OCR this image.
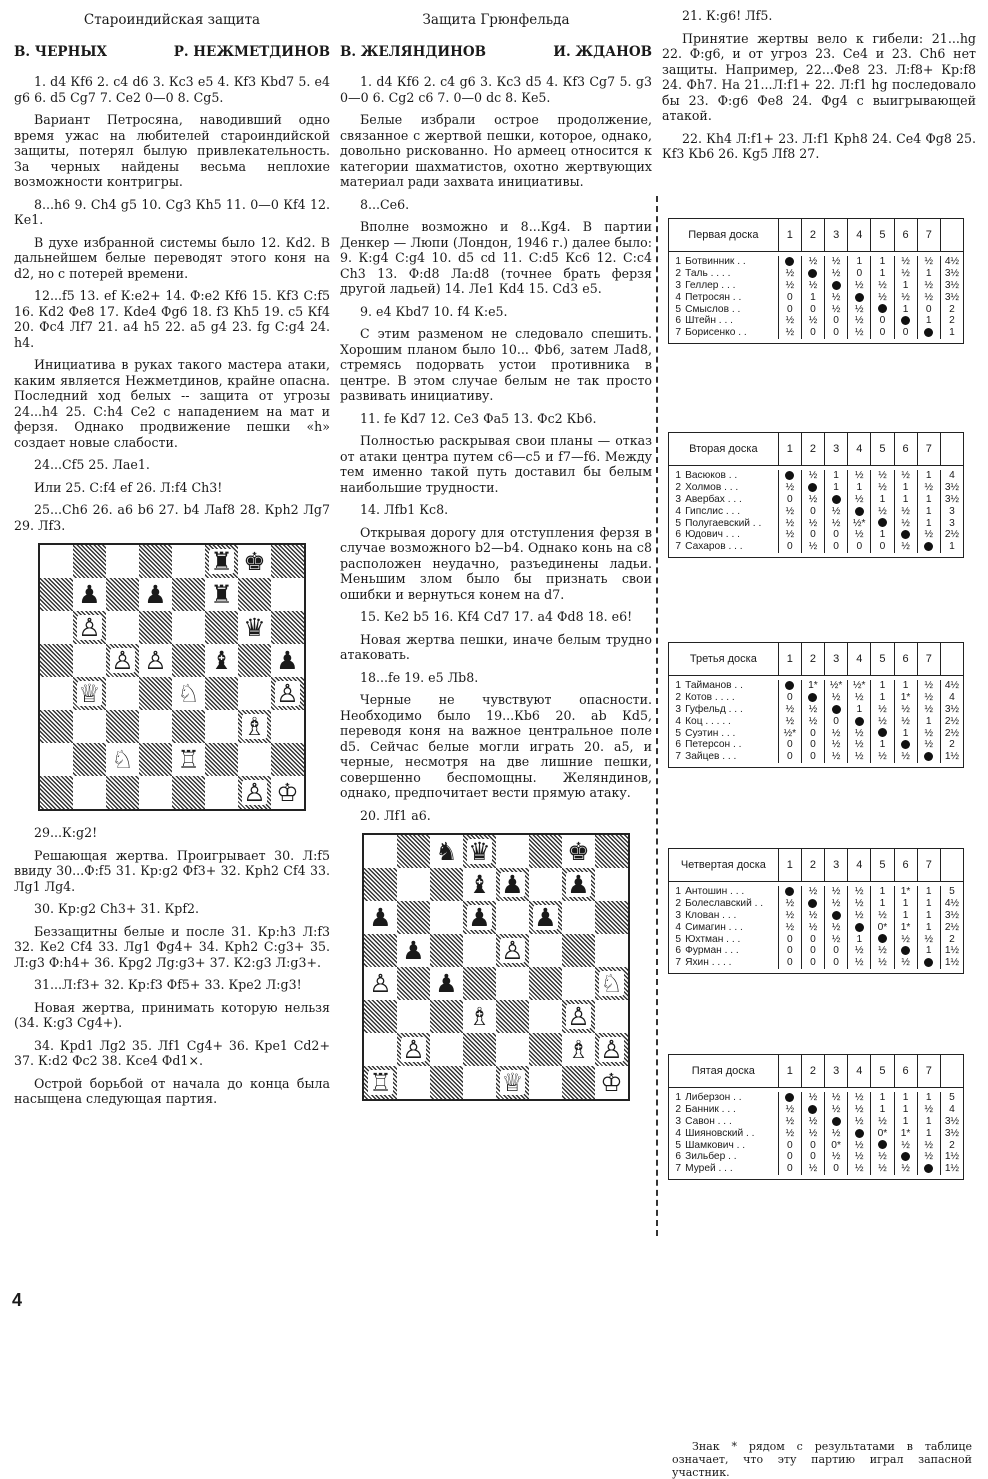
Староиндийская защита
В. ЧЕРНЫХ	Р. НЕЖМЕТДИНОВ

1. d4 Кf6 2. c4 d6 3. Кc3 e5 4. Кf3 Кbd7 5. e4 g6 6. d5 Сg7 7. Сe2 0—0 8. Сg5.

Вариант Петросяна, наводивший одно время ужас на любителей староиндийской защиты, потерял былую привлекательность. За черных найдены весьма неплохие возможности контригры.

8...h6 9. Сh4 g5 10. Сg3 Кh5 11. 0—0 Кf4 12. Кe1.

В духе избранной системы было 12. Кd2. В дальнейшем белые переводят этого коня на d2, но с потерей времени.

12...f5 13. ef К:e2+ 14. Ф:e2 Кf6 15. Кf3 С:f5 16. Кd2 Фe8 17. Кde4 Фg6 18. f3 Кh5 19. c5 Кf4 20. Фc4 Лf7 21. a4 h5 22. a5 g4 23. fg С:g4 24. h4.

Инициатива в руках такого мастера атаки, каким является Нежметдинов, крайне опасна. Последний ход белых -- защита от угрозы 24...h4 25. С:h4 Сe2 с нападением на мат и ферзя. Однако продвижение пешки «h» создает новые слабости.

24...Сf5 25. Лae1.

Или 25. С:f4 ef 26. Л:f4 Сh3!

25...Сh6 26. a6 b6 27. b4 Лaf8 28. Крh2 Лg7 29. Лf3.

♜ ♚
♟ ♟ ♜
♙	♛
♙ ♙ ♝ ♟
♕	♘	♙
♗
♘ ♖
♙ ♔

29...К:g2!

Решающая жертва. Проигрывает 30. Л:f5 ввиду 30...Ф:f5 31. Кр:g2 Фf3+ 32. Крh2 Сf4 33. Лg1 Лg4.

30. Кр:g2 Сh3+ 31. Крf2.

Беззащитны белые и после 31. Кр:h3 Л:f3 32. Кe2 Сf4 33. Лg1 Фg4+ 34. Крh2 С:g3+ 35. Л:g3 Ф:h4+ 36. Крg2 Лg:g3+ 37. К2:g3 Л:g3+.

31...Л:f3+ 32. Кр:f3 Фf5+ 33. Крe2 Л:g3!

Новая жертва, принимать которую нельзя (34. К:g3 Сg4+).

34. Крd1 Лg2 35. Лf1 Сg4+ 36. Крe1 Сd2+ 37. К:d2 Фc2 38. Кce4 Фd1×.

Острой борьбой от начала до конца была насыщена следующая партия.

Защита Грюнфельда
В. ЖЕЛЯНДИНОВ	И. ЖДАНОВ

1. d4 Кf6 2. c4 g6 3. Кc3 d5 4. Кf3 Сg7 5. g3 0—0 6. Сg2 c6 7. 0—0 dc 8. Кe5.

Белые избрали острое продолжение, связанное с жертвой пешки, которое, однако, довольно рискованно. Но армеец относится к категории шахматистов, охотно жертвующих материал ради захвата инициативы.

8...Сe6.

Вполне возможно и 8...Кg4. В партии Денкер — Люпи (Лондон, 1946 г.) далее было: 9. К:g4 С:g4 10. d5 cd 11. С:d5 Кc6 12. С:c4 Сh3 13. Ф:d8 Лa:d8 (точнее брать ферзя другой ладьей) 14. Лe1 Кd4 15. Сd3 e5.

9. e4 Кbd7 10. f4 К:e5.

С этим разменом не следовало спешить. Хорошим планом было 10... Фb6, затем Лad8, стремясь подорвать устои противника в центре. В этом случае белым не так просто развивать инициативу.

11. fe Кd7 12. Сe3 Фa5 13. Фc2 Кb6.

Полностью раскрывая свои планы — отказ от атаки центра путем c6—c5 и f7—f6. Между тем именно такой путь доставил бы белым наибольшие трудности.

14. Лfb1 Кc8.

Открывая дорогу для отступления ферзя в случае возможного b2—b4. Однако конь на c8 расположен неудачно, разъединены ладьи. Меньшим злом было бы признать свои ошибки и вернуться конем на d7.

15. Кe2 b5 16. Кf4 Сd7 17. a4 Фd8 18. e6!

Новая жертва пешки, иначе белым трудно атаковать.

18...fe 19. e5 Лb8.

Черные не чувствуют опасности. Необходимо было 19...Кb6 20. ab Кd5, переводя коня на важное центральное поле d5. Сейчас белые могли играть 20. a5, и черные, несмотря на две лишние пешки, совершенно беспомощны. Желяндинов, однако, предпочитает вести прямую атаку.

20. Лf1 a6.

♞ ♛	♚
♝ ♟ ♟
♟	♟ ♟
♟	♙
♙ ♟	♘
♗	♙
♙	♗ ♙
♖	♕	♔

21. К:g6! Лf5.

Принятие жертвы вело к гибели: 21...hg 22. Ф:g6, и от угроз 23. Сe4 и 23. Сh6 нет защиты. Например, 22...Фe8 23. Л:f8+ Кр:f8 24. Фh7. На 21...Л:f1+ 22. Л:f1 hg последовало бы 23. Ф:g6 Фe8 24. Фg4 с выигрывающей атакой.

22. Кh4 Л:f1+ 23. Л:f1 Крh8 24. Сe4 Фg8 25. Кf3 Кb6 26. Кg5 Лf8 27.

Первая доска		1	2	3	4	5	6	7	

1	Ботвинник . .		½	½	1	1	½	½	4½
2	Таль . . . .	½		½	0	1	½	1	3½
3	Геллер . . .	½	½		½	½	1	½	3½
4	Петросян . .	0	1	½		½	½	½	3½
5	Смыслов . .	0	0	½	½		1	0	2
6	Штейн . . .	½	½	0	½	0		1	2
7	Борисенко . .	½	0	0	½	0	0		1

Вторая доска		1	2	3	4	5	6	7	

1	Васюков . .		½	1	½	½	½	1	4
2	Холмов . . .	½		1	1	½	1	½	3½
3	Авербах . . .	0	½		½	1	1	1	3½
4	Гипслис . . .	½	0	½		½	½	1	3
5	Полугаевский . .	½	½	½	½*		½	1	3
6	Юдович . . .	½	0	0	½	1		½	2½
7	Сахаров . . .	0	½	0	0	0	½		1

Третья доска		1	2	3	4	5	6	7	

1	Тайманов . .		1*	½*	½*	1	1	½	4½
2	Котов . . . .	0		½	½	1	1*	½	4
3	Гуфельд . . .	½	½		1	½	½	½	3½
4	Коц . . . . .	½	½	0		½	½	1	2½
5	Суэтин . . .	½*	0	½	½		1	½	2½
6	Петерсон . .	0	0	½	½	1		½	2
7	Зайцев . . .	0	0	½	½	½	½		1½

Четвертая доска		1	2	3	4	5	6	7	

1	Антошин . . .		½	½	½	1	1*	1	5
2	Болеславский . .	½		½	½	1	1	1	4½
3	Клован . . .	½	½		½	½	1	1	3½
4	Симагин . . .	½	½	½		0*	1*	1	2½
5	Юхтман . . .	0	0	½	1		½	½	2
6	Фурман . . .	0	0	0	½	½		1	1½
7	Яхин . . . .	0	0	0	½	½	½		1½

Пятая доска		1	2	3	4	5	6	7	

1	Либерзон . .		½	½	½	1	1	1	5
2	Банник . . .	½		½	½	1	1	½	4
3	Савон . . .	½	½		½	½	1	1	3½
4	Шияновский . .	½	½	½		0*	1*	1	3½
5	Шамкович . .	0	0	0*	½		½	½	2
6	Зильбер . .	0	0	½	½	½		½	1½
7	Мурей . . .	0	½	0	½	½	½		1½

Знак * рядом с результатами в таблице означает, что эту партию играл запасной участник.
4
